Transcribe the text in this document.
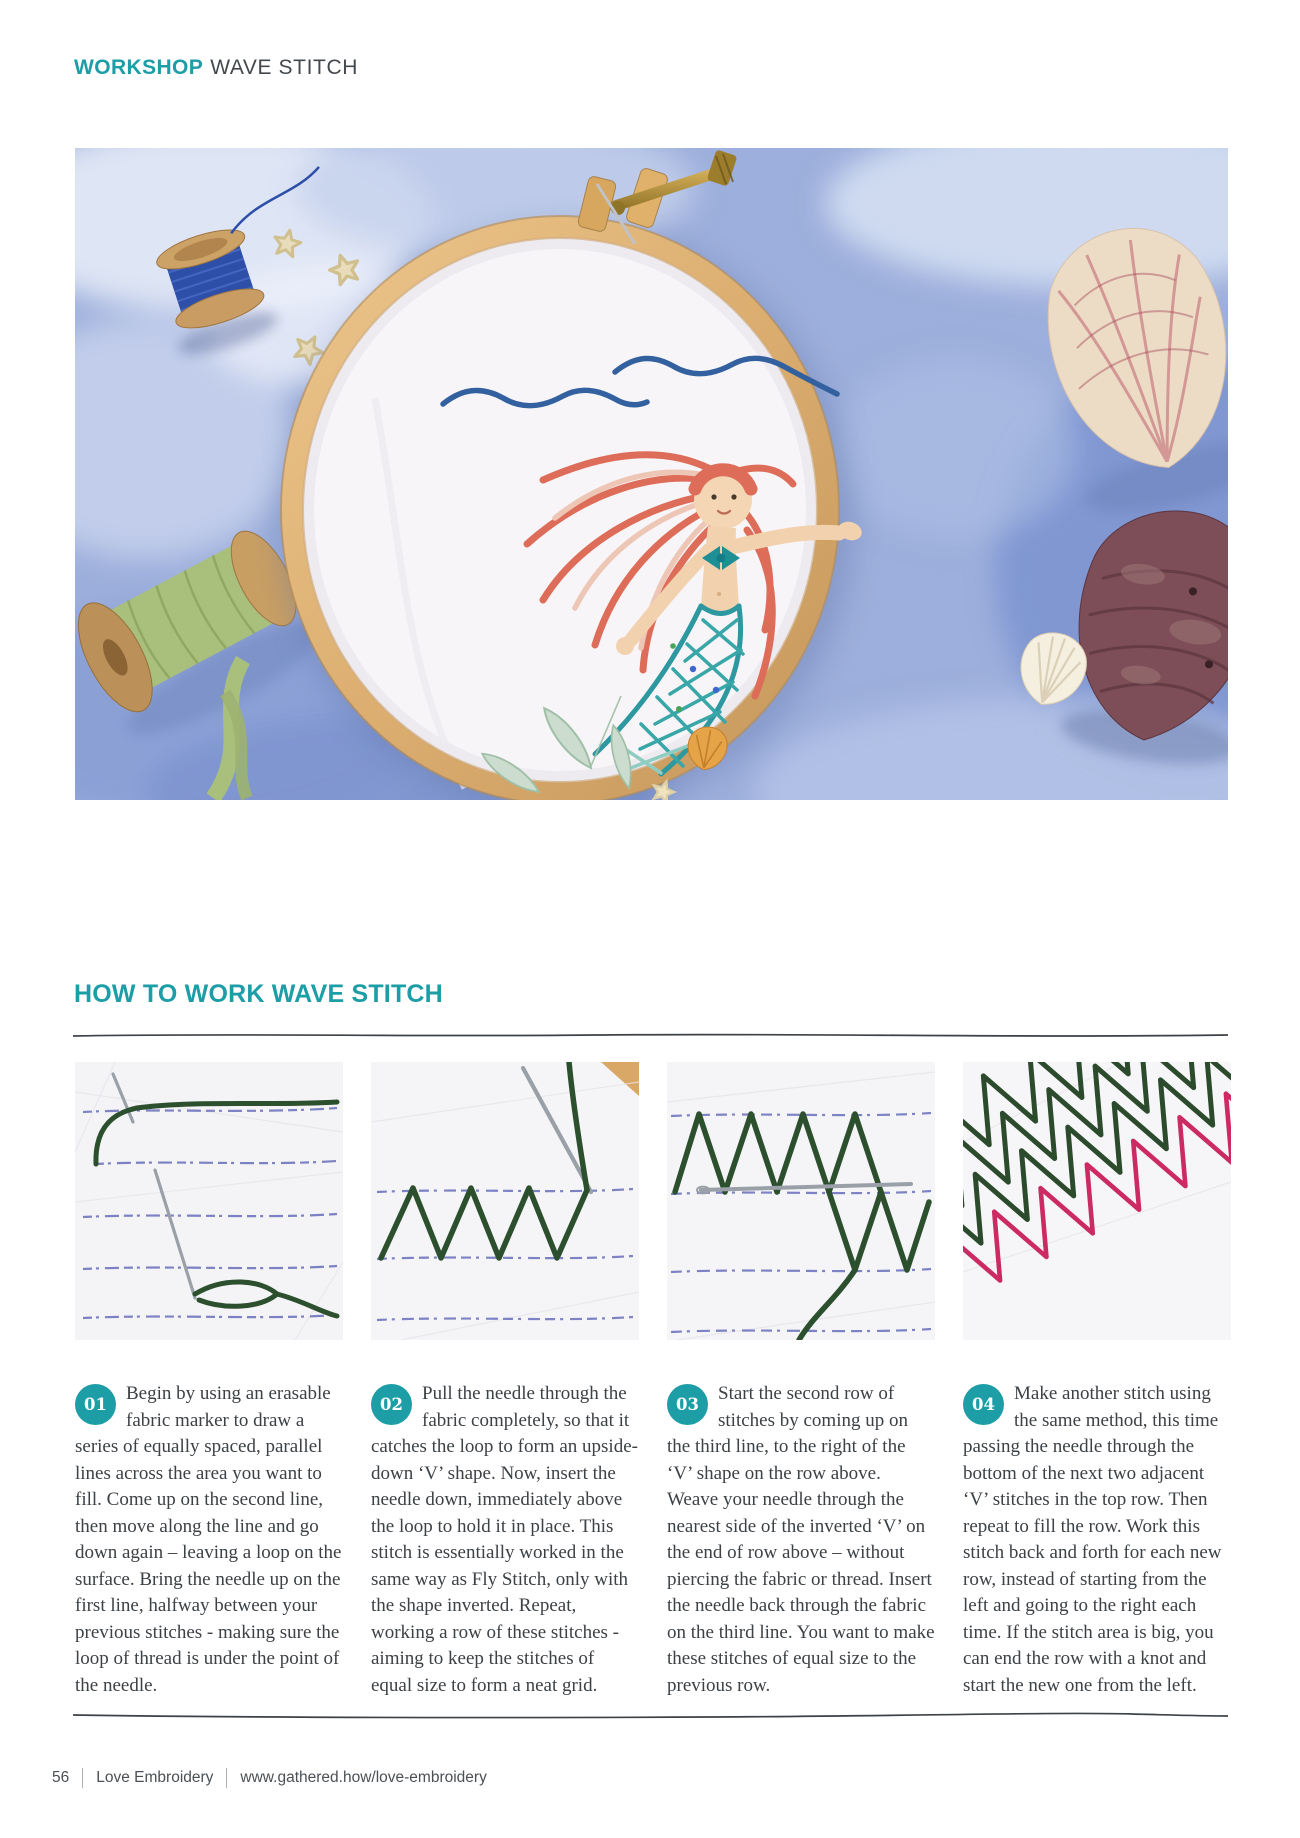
WORKSHOP WAVE STITCH
HOW TO WORK WAVE STITCH
01

Begin by using an erasable fabric marker to draw a series of equally spaced, parallel lines across the area you want to fill. Come up on the second line, then move along the line and go down again – leaving a loop on the surface. Bring the needle up on the first line, halfway between your previous stitches - making sure the loop of thread is under the point of the needle.

02

Pull the needle through the fabric completely, so that it catches the loop to form an upside-down ‘V’ shape. Now, insert the needle down, immediately above the loop to hold it in place. This stitch is essentially worked in the same way as Fly Stitch, only with the shape inverted. Repeat, working a row of these stitches - aiming to keep the stitches of equal size to form a neat grid.

03

Start the second row of stitches by coming up on the third line, to the right of the ‘V’ shape on the row above. Weave your needle through the nearest side of the inverted ‘V’ on the end of row above – without piercing the fabric or thread. Insert the needle back through the fabric on the third line. You want to make these stitches of equal size to the previous row.

04

Make another stitch using the same method, this time passing the needle through the bottom of the next two adjacent ‘V’ stitches in the top row. Then repeat to fill the row. Work this stitch back and forth for each new row, instead of starting from the left and going to the right each time. If the stitch area is big, you can end the row with a knot and start the new one from the left.

56 Love Embroidery www.gathered.how/love-embroidery
